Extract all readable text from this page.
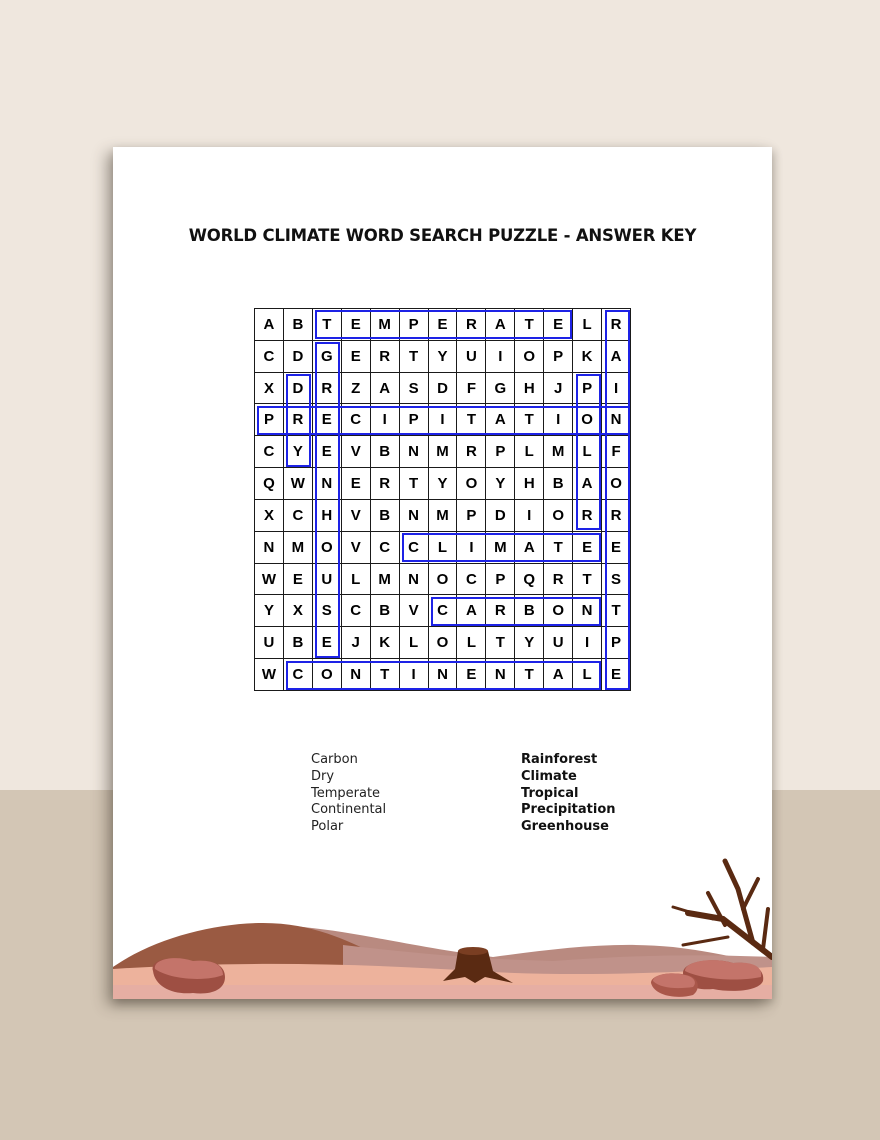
WORLD CLIMATE WORD SEARCH PUZZLE - ANSWER KEY
A	B	T	E	M	P	E	R	A	T	E	L	R
C	D	G	E	R	T	Y	U	I	O	P	K	A
X	D	R	Z	A	S	D	F	G	H	J	P	I
P	R	E	C	I	P	I	T	A	T	I	O	N
C	Y	E	V	B	N	M	R	P	L	M	L	F
Q	W	N	E	R	T	Y	O	Y	H	B	A	O
X	C	H	V	B	N	M	P	D	I	O	R	R
N	M	O	V	C	C	L	I	M	A	T	E	E
W	E	U	L	M	N	O	C	P	Q	R	T	S
Y	X	S	C	B	V	C	A	R	B	O	N	T
U	B	E	J	K	L	O	L	T	Y	U	I	P
W	C	O	N	T	I	N	E	N	T	A	L	E
Carbon
Dry
Temperate
Continental
Polar
Rainforest
Climate
Tropical
Precipitation
Greenhouse
